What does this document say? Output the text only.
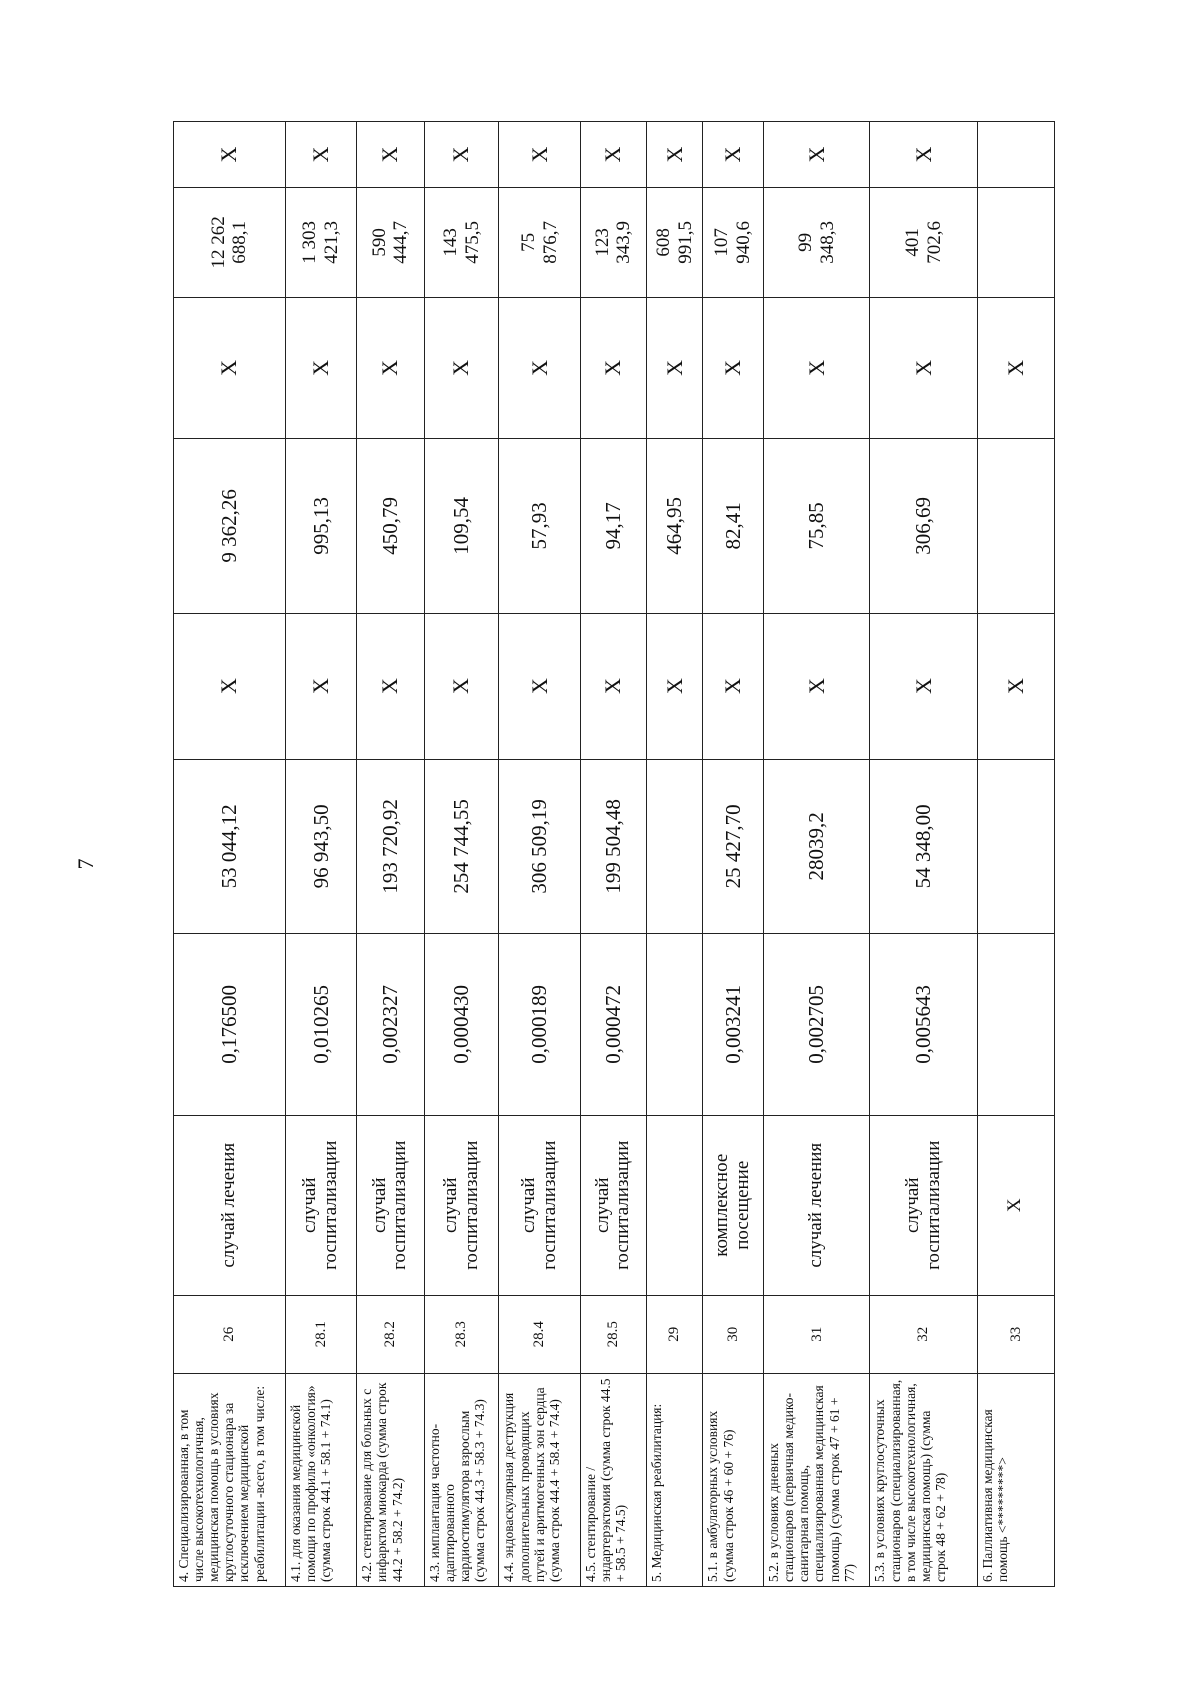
7
4. Специализированная, в том числе высокотехнологичная, медицинская помощь в условиях круглосуточного стационара за исключением медицинской реабилитации -всего, в том числе:	26	случай лечения	0,176500	53 044,12	X	9 362,26	X	12 262
688,1	X
4.1. для оказания медицинской помощи по профилю «онкология» (сумма строк 44.1 + 58.1 + 74.1)	28.1	случай
госпитализации	0,010265	96 943,50	X	995,13	X	1 303
421,3	X
4.2. стентирование для больных с инфарктом миокарда (сумма строк 44.2 + 58.2 + 74.2)	28.2	случай
госпитализации	0,002327	193 720,92	X	450,79	X	590
444,7	X
4.3. имплантация частотно-адаптированного кардиостимулятора взрослым (сумма строк 44.3 + 58.3 + 74.3)	28.3	случай
госпитализации	0,000430	254 744,55	X	109,54	X	143
475,5	X
4.4. эндоваскулярная деструкция дополнительных проводящих путей и аритмогенных зон сердца (сумма строк 44.4 + 58.4 + 74.4)	28.4	случай
госпитализации	0,000189	306 509,19	X	57,93	X	75
876,7	X
4.5. стентирование / эндартерэктомия (сумма строк 44.5 + 58.5 + 74.5)	28.5	случай
госпитализации	0,000472	199 504,48	X	94,17	X	123
343,9	X
5. Медицинская реабилитация:	29				X	464,95	X	608
991,5	X
5.1. в амбулаторных условиях (сумма строк 46 + 60 + 76)	30	комплексное
посещение	0,003241	25 427,70	X	82,41	X	107
940,6	X
5.2. в условиях дневных стационаров (первичная медико-санитарная помощь, специализированная медицинская помощь) (сумма строк 47 + 61 + 77)	31	случай лечения	0,002705	28039,2	X	75,85	X	99
348,3	X
5.3. в условиях круглосуточных стационаров (специализированная, в том числе высокотехнологичная, медицинская помощь) (сумма строк 48 + 62 + 78)	32	случай
госпитализации	0,005643	54 348,00	X	306,69	X	401
702,6	X
6. Паллиативная медицинская помощь <*********>	33	X			X		X		
